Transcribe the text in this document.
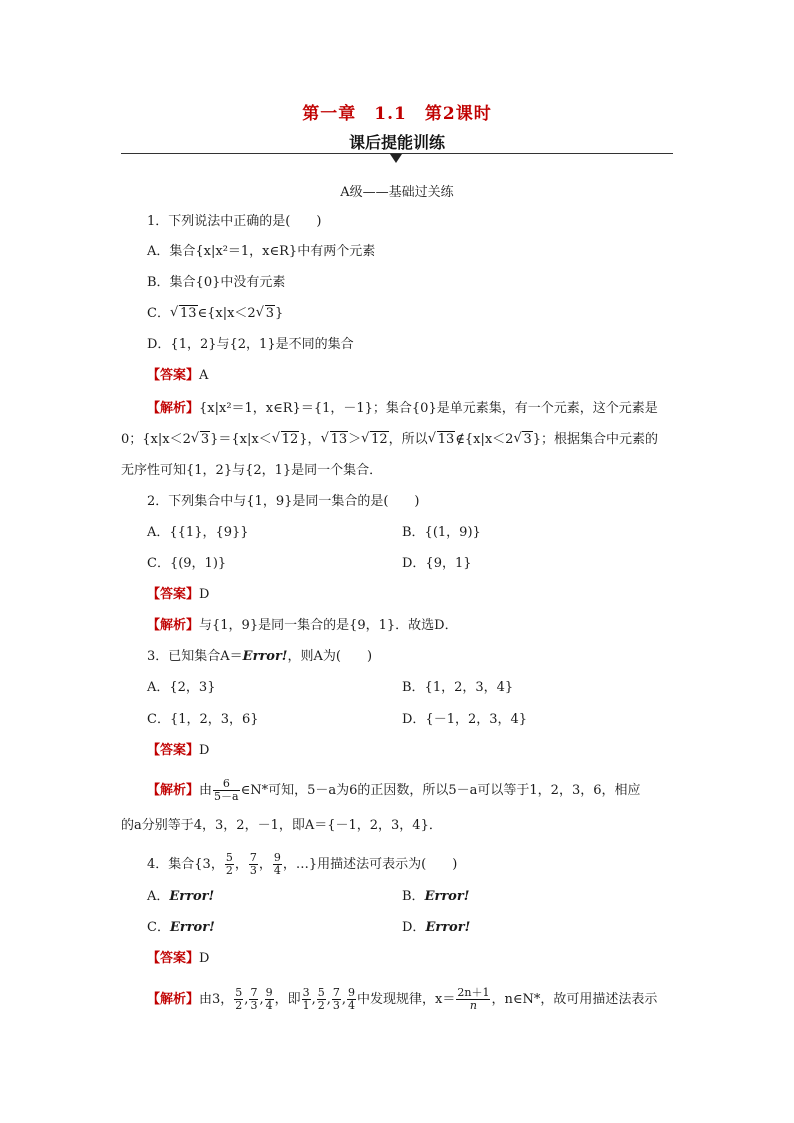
第一章　1.1　第2课时
课后提能训练
A级——基础过关练
1．下列说法中正确的是(　　)
A．集合{x|x²＝1，x∈R}中有两个元素
B．集合{0}中没有元素
C． √ 13∈{x|x＜2 √ 3}
D．{1，2}与{2，1}是不同的集合
【答案】A
【解析】{x|x²＝1，x∈R}＝{1，－1}；集合{0}是单元素集，有一个元素，这个元素是
0；{x|x＜2 √ 3}＝{x|x＜ √ 12}， √ 13＞ √ 12，所以 √ 13∉{x|x＜2 √ 3}；根据集合中元素的
无序性可知{1，2}与{2，1}是同一个集合．
2．下列集合中与{1，9}是同一集合的是(　　)
A．{{1}，{9}}	B．{(1，9)}
C．{(9，1)}	D．{9，1}
【答案】D
【解析】与{1，9}是同一集合的是{9，1}．故选D．
3．已知集合A＝Error!，则A为(　　)
A．{2，3}	B．{1，2，3，4}
C．{1，2，3，6}	D．{－1，2，3，4}
【答案】D
【解析】由 $\frac{6}{5-a}$ ∈N*可知，5－a为6的正因数，所以5－a可以等于1，2，3，6，相应
的a分别等于4，3，2，－1，即A＝{－1，2，3，4}．
4．集合{3， $\frac{5}{2}$ ， $\frac{7}{3}$ ， $\frac{9}{4}$ ，…}用描述法可表示为(　　)
A．Error!	B．Error!
C．Error!	D．Error!
【答案】D
【解析】由3， $\frac{5}{2}$ , $\frac{7}{3}$ , $\frac{9}{4}$ ，即 $\frac{3}{1}$ , $\frac{5}{2}$ , $\frac{7}{3}$ , $\frac{9}{4}$ 中发现规律，$x= \frac{2n+1}{n}$ ，n∈N*，故可用描述法表示
